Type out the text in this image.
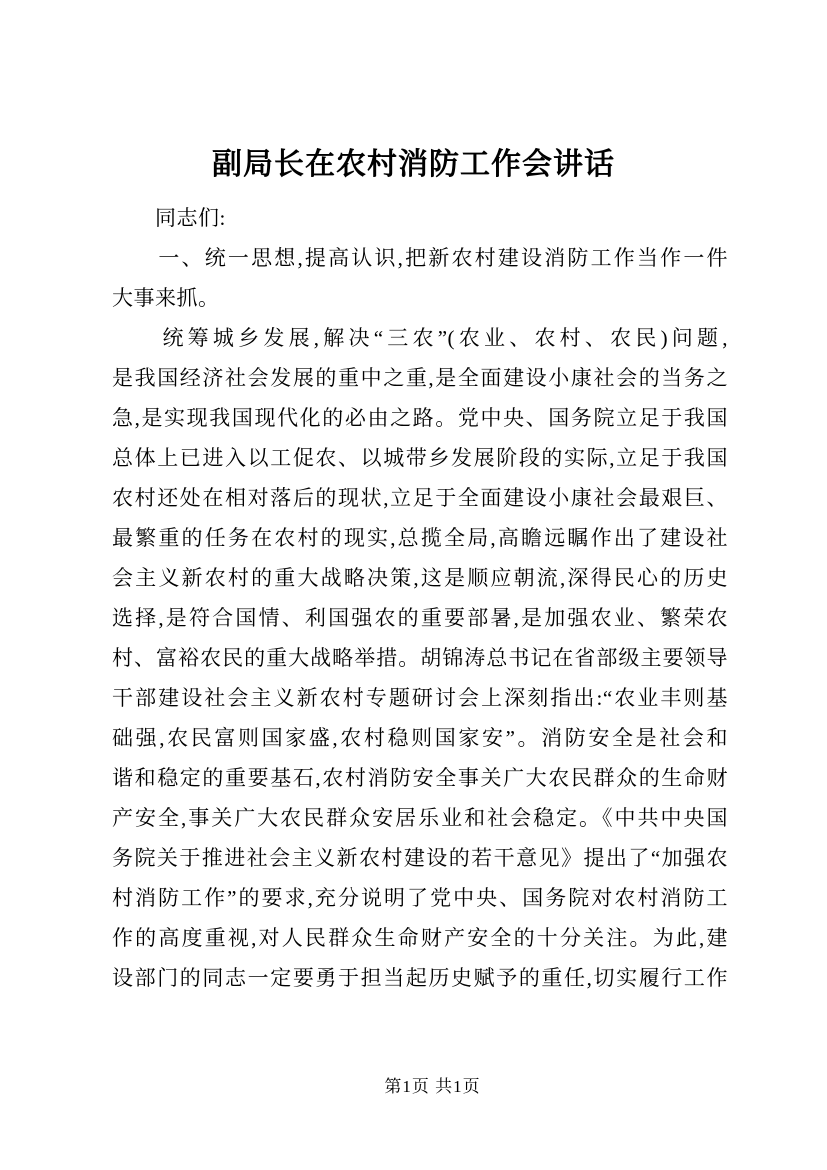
副局长在农村消防工作会讲话
　　同志们:
　　一、统一思想,提高认识,把新农村建设消防工作当作一件
大事来抓。
　　统筹城乡发展,解决“三农”(农业、农村、农民)问题,
是我国经济社会发展的重中之重,是全面建设小康社会的当务之
急,是实现我国现代化的必由之路。党中央、国务院立足于我国
总体上已进入以工促农、以城带乡发展阶段的实际,立足于我国
农村还处在相对落后的现状,立足于全面建设小康社会最艰巨、
最繁重的任务在农村的现实,总揽全局,高瞻远瞩作出了建设社
会主义新农村的重大战略决策,这是顺应朝流,深得民心的历史
选择,是符合国情、利国强农的重要部暑,是加强农业、繁荣农
村、富裕农民的重大战略举措。胡锦涛总书记在省部级主要领导
干部建设社会主义新农村专题研讨会上深刻指出:“农业丰则基
础强,农民富则国家盛,农村稳则国家安”。消防安全是社会和
谐和稳定的重要基石,农村消防安全事关广大农民群众的生命财
产安全,事关广大农民群众安居乐业和社会稳定。《中共中央国
务院关于推进社会主义新农村建设的若干意见》提出了“加强农
村消防工作”的要求,充分说明了党中央、国务院对农村消防工
作的高度重视,对人民群众生命财产安全的十分关注。为此,建
设部门的同志一定要勇于担当起历史赋予的重任,切实履行工作
第1页 共1页
